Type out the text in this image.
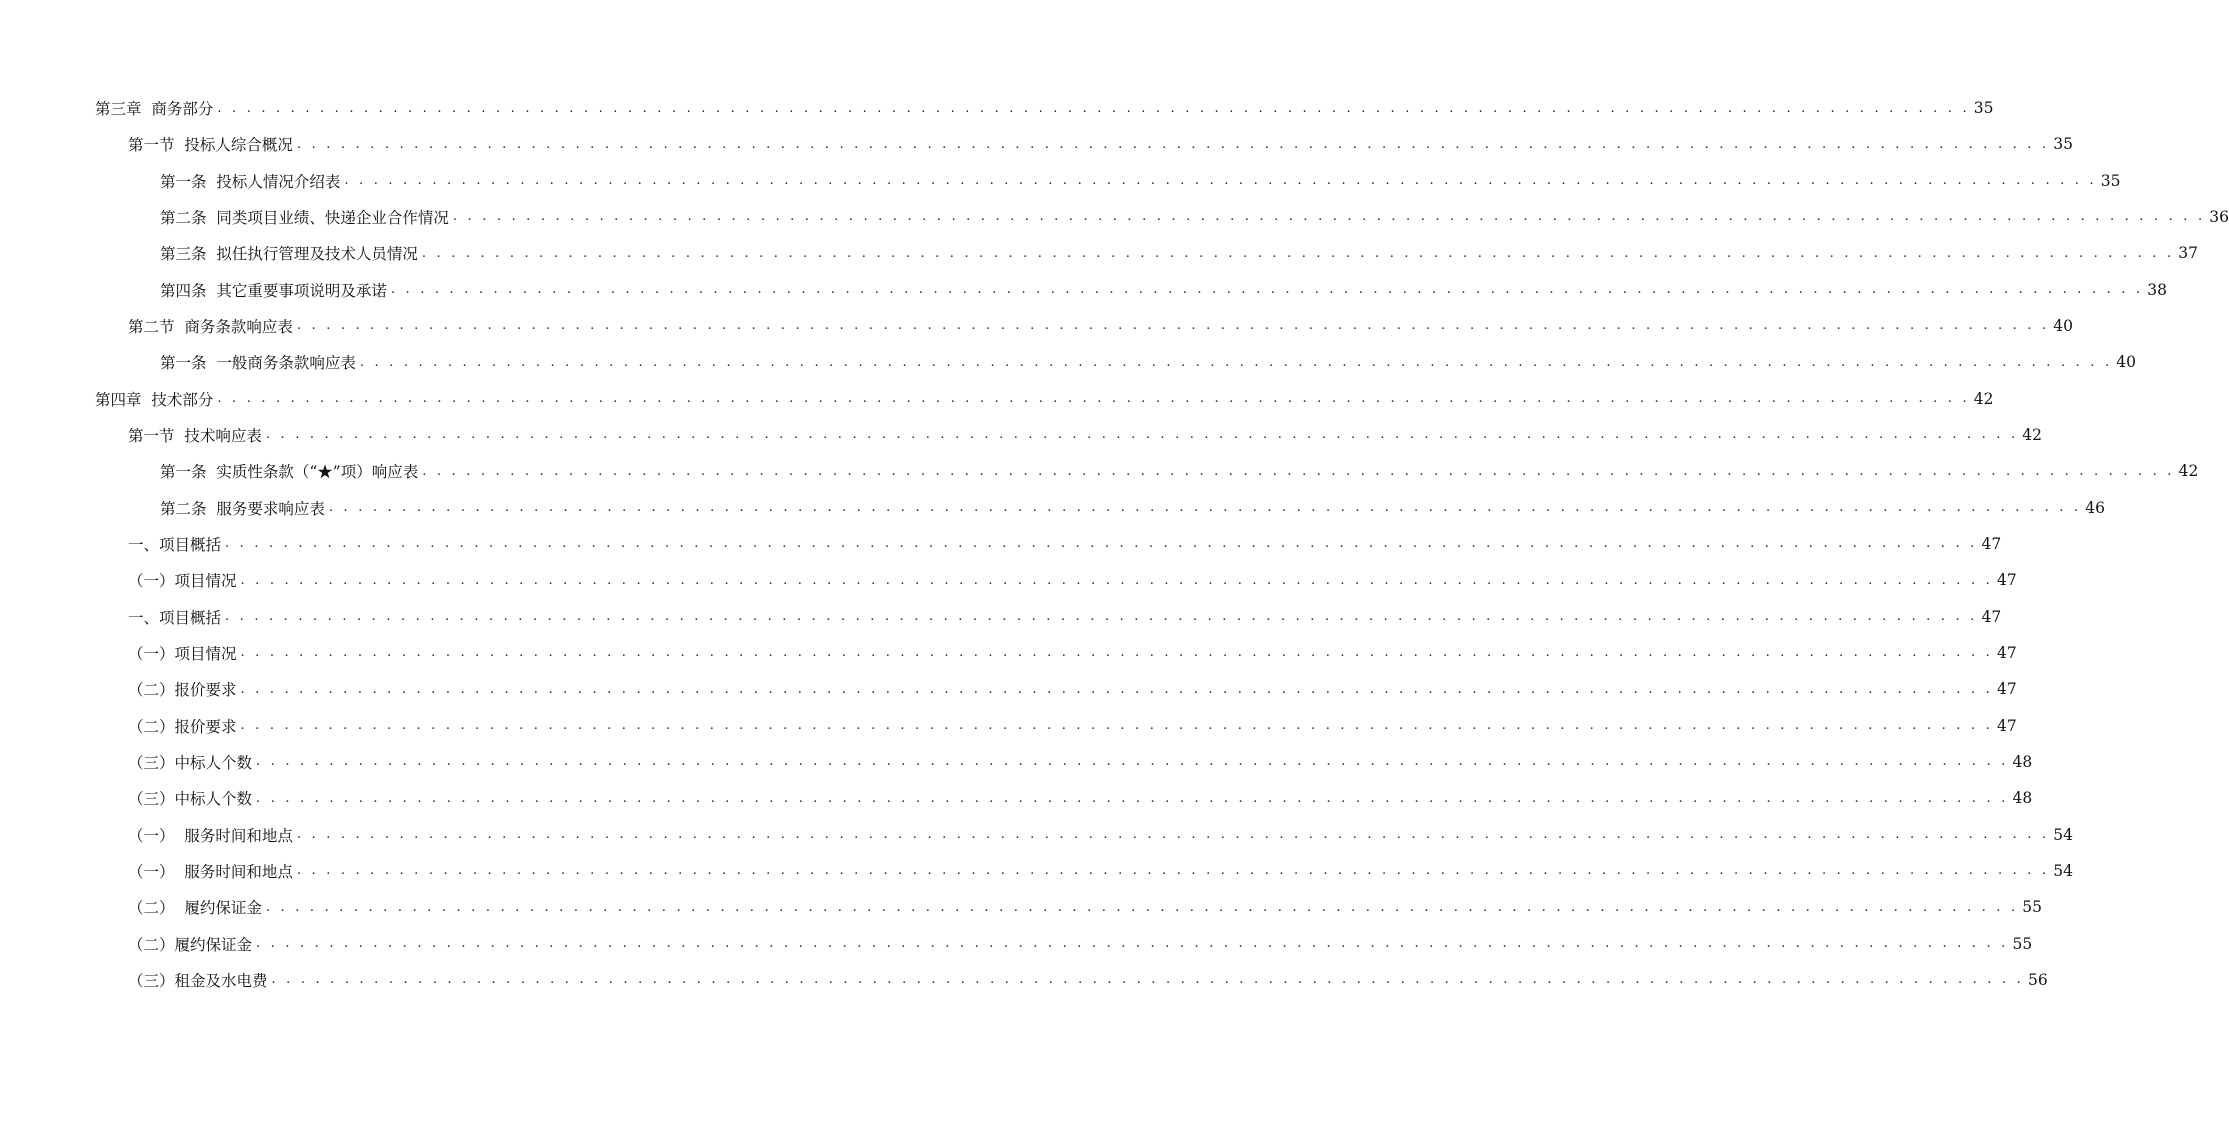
第三章  商务部分 . . . . . . . . . . . . . . . . . . . . . . . . . . . . . . . . . . . . . . . . . . . . . . . . . . . . . . . . . . . . . . . . . . . . . . . . . . . . . . . . . . . . . . . . . . . . . . . . . . . . . . . . . . . . . . . . . . . . . . . . 35
第一节  投标人综合概况 . . . . . . . . . . . . . . . . . . . . . . . . . . . . . . . . . . . . . . . . . . . . . . . . . . . . . . . . . . . . . . . . . . . . . . . . . . . . . . . . . . . . . . . . . . . . . . . . . . . . . . . . . . . . . . . . . . . . . . . . 35
第一条  投标人情况介绍表 . . . . . . . . . . . . . . . . . . . . . . . . . . . . . . . . . . . . . . . . . . . . . . . . . . . . . . . . . . . . . . . . . . . . . . . . . . . . . . . . . . . . . . . . . . . . . . . . . . . . . . . . . . . . . . . . . . . . . . . . 35
第二条  同类项目业绩、快递企业合作情况 . . . . . . . . . . . . . . . . . . . . . . . . . . . . . . . . . . . . . . . . . . . . . . . . . . . . . . . . . . . . . . . . . . . . . . . . . . . . . . . . . . . . . . . . . . . . . . . . . . . . . . . . . . . . . . . . . . . . . . . . 36
第三条  拟任执行管理及技术人员情况 . . . . . . . . . . . . . . . . . . . . . . . . . . . . . . . . . . . . . . . . . . . . . . . . . . . . . . . . . . . . . . . . . . . . . . . . . . . . . . . . . . . . . . . . . . . . . . . . . . . . . . . . . . . . . . . . . . . . . . . . 37
第四条  其它重要事项说明及承诺 . . . . . . . . . . . . . . . . . . . . . . . . . . . . . . . . . . . . . . . . . . . . . . . . . . . . . . . . . . . . . . . . . . . . . . . . . . . . . . . . . . . . . . . . . . . . . . . . . . . . . . . . . . . . . . . . . . . . . . . . 38
第二节  商务条款响应表 . . . . . . . . . . . . . . . . . . . . . . . . . . . . . . . . . . . . . . . . . . . . . . . . . . . . . . . . . . . . . . . . . . . . . . . . . . . . . . . . . . . . . . . . . . . . . . . . . . . . . . . . . . . . . . . . . . . . . . . . 40
第一条  一般商务条款响应表 . . . . . . . . . . . . . . . . . . . . . . . . . . . . . . . . . . . . . . . . . . . . . . . . . . . . . . . . . . . . . . . . . . . . . . . . . . . . . . . . . . . . . . . . . . . . . . . . . . . . . . . . . . . . . . . . . . . . . . . . 40
第四章  技术部分 . . . . . . . . . . . . . . . . . . . . . . . . . . . . . . . . . . . . . . . . . . . . . . . . . . . . . . . . . . . . . . . . . . . . . . . . . . . . . . . . . . . . . . . . . . . . . . . . . . . . . . . . . . . . . . . . . . . . . . . . 42
第一节  技术响应表 . . . . . . . . . . . . . . . . . . . . . . . . . . . . . . . . . . . . . . . . . . . . . . . . . . . . . . . . . . . . . . . . . . . . . . . . . . . . . . . . . . . . . . . . . . . . . . . . . . . . . . . . . . . . . . . . . . . . . . . . 42
第一条  实质性条款（“★”项）响应表 . . . . . . . . . . . . . . . . . . . . . . . . . . . . . . . . . . . . . . . . . . . . . . . . . . . . . . . . . . . . . . . . . . . . . . . . . . . . . . . . . . . . . . . . . . . . . . . . . . . . . . . . . . . . . . . . . . . . . . . . 42
第二条  服务要求响应表 . . . . . . . . . . . . . . . . . . . . . . . . . . . . . . . . . . . . . . . . . . . . . . . . . . . . . . . . . . . . . . . . . . . . . . . . . . . . . . . . . . . . . . . . . . . . . . . . . . . . . . . . . . . . . . . . . . . . . . . . 46
一、项目概括 . . . . . . . . . . . . . . . . . . . . . . . . . . . . . . . . . . . . . . . . . . . . . . . . . . . . . . . . . . . . . . . . . . . . . . . . . . . . . . . . . . . . . . . . . . . . . . . . . . . . . . . . . . . . . . . . . . . . . . . . 47
（一）项目情况 . . . . . . . . . . . . . . . . . . . . . . . . . . . . . . . . . . . . . . . . . . . . . . . . . . . . . . . . . . . . . . . . . . . . . . . . . . . . . . . . . . . . . . . . . . . . . . . . . . . . . . . . . . . . . . . . . . . . . . . . 47
一、项目概括 . . . . . . . . . . . . . . . . . . . . . . . . . . . . . . . . . . . . . . . . . . . . . . . . . . . . . . . . . . . . . . . . . . . . . . . . . . . . . . . . . . . . . . . . . . . . . . . . . . . . . . . . . . . . . . . . . . . . . . . . 47
（一）项目情况 . . . . . . . . . . . . . . . . . . . . . . . . . . . . . . . . . . . . . . . . . . . . . . . . . . . . . . . . . . . . . . . . . . . . . . . . . . . . . . . . . . . . . . . . . . . . . . . . . . . . . . . . . . . . . . . . . . . . . . . . 47
（二）报价要求 . . . . . . . . . . . . . . . . . . . . . . . . . . . . . . . . . . . . . . . . . . . . . . . . . . . . . . . . . . . . . . . . . . . . . . . . . . . . . . . . . . . . . . . . . . . . . . . . . . . . . . . . . . . . . . . . . . . . . . . . 47
（二）报价要求 . . . . . . . . . . . . . . . . . . . . . . . . . . . . . . . . . . . . . . . . . . . . . . . . . . . . . . . . . . . . . . . . . . . . . . . . . . . . . . . . . . . . . . . . . . . . . . . . . . . . . . . . . . . . . . . . . . . . . . . . 47
（三）中标人个数 . . . . . . . . . . . . . . . . . . . . . . . . . . . . . . . . . . . . . . . . . . . . . . . . . . . . . . . . . . . . . . . . . . . . . . . . . . . . . . . . . . . . . . . . . . . . . . . . . . . . . . . . . . . . . . . . . . . . . . . . 48
（三）中标人个数 . . . . . . . . . . . . . . . . . . . . . . . . . . . . . . . . . . . . . . . . . . . . . . . . . . . . . . . . . . . . . . . . . . . . . . . . . . . . . . . . . . . . . . . . . . . . . . . . . . . . . . . . . . . . . . . . . . . . . . . . 48
（一）  服务时间和地点 . . . . . . . . . . . . . . . . . . . . . . . . . . . . . . . . . . . . . . . . . . . . . . . . . . . . . . . . . . . . . . . . . . . . . . . . . . . . . . . . . . . . . . . . . . . . . . . . . . . . . . . . . . . . . . . . . . . . . . . . 54
（一）  服务时间和地点 . . . . . . . . . . . . . . . . . . . . . . . . . . . . . . . . . . . . . . . . . . . . . . . . . . . . . . . . . . . . . . . . . . . . . . . . . . . . . . . . . . . . . . . . . . . . . . . . . . . . . . . . . . . . . . . . . . . . . . . . 54
（二）  履约保证金 . . . . . . . . . . . . . . . . . . . . . . . . . . . . . . . . . . . . . . . . . . . . . . . . . . . . . . . . . . . . . . . . . . . . . . . . . . . . . . . . . . . . . . . . . . . . . . . . . . . . . . . . . . . . . . . . . . . . . . . . 55
（二）履约保证金 . . . . . . . . . . . . . . . . . . . . . . . . . . . . . . . . . . . . . . . . . . . . . . . . . . . . . . . . . . . . . . . . . . . . . . . . . . . . . . . . . . . . . . . . . . . . . . . . . . . . . . . . . . . . . . . . . . . . . . . . 55
（三）租金及水电费 . . . . . . . . . . . . . . . . . . . . . . . . . . . . . . . . . . . . . . . . . . . . . . . . . . . . . . . . . . . . . . . . . . . . . . . . . . . . . . . . . . . . . . . . . . . . . . . . . . . . . . . . . . . . . . . . . . . . . . . . 56
